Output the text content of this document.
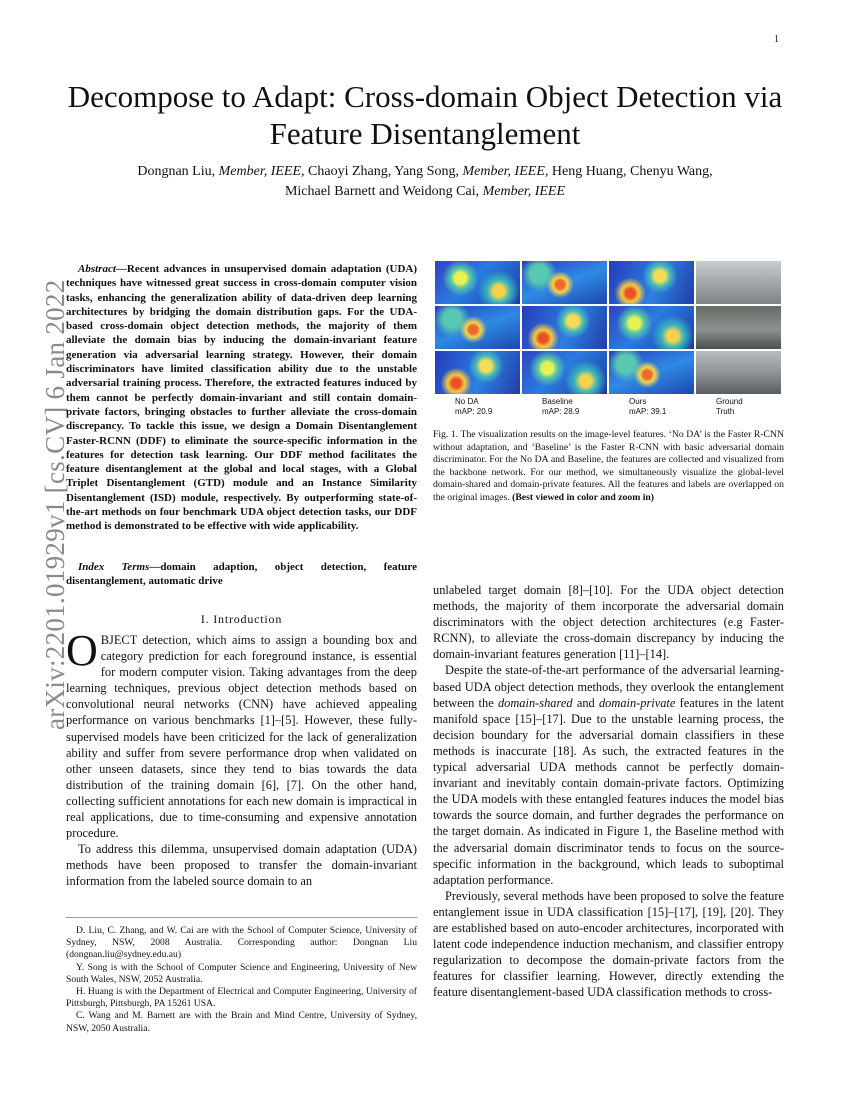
1
arXiv:2201.01929v1 [cs.CV] 6 Jan 2022
Decompose to Adapt: Cross-domain Object Detection via Feature Disentanglement
Dongnan Liu, Member, IEEE, Chaoyi Zhang, Yang Song, Member, IEEE, Heng Huang, Chenyu Wang,
Michael Barnett and Weidong Cai, Member, IEEE
Abstract—Recent advances in unsupervised domain adaptation (UDA) techniques have witnessed great success in cross-domain computer vision tasks, enhancing the generalization ability of data-driven deep learning architectures by bridging the domain distribution gaps. For the UDA-based cross-domain object detection methods, the majority of them alleviate the domain bias by inducing the domain-invariant feature generation via adversarial learning strategy. However, their domain discriminators have limited classification ability due to the unstable adversarial training process. Therefore, the extracted features induced by them cannot be perfectly domain-invariant and still contain domain-private factors, bringing obstacles to further alleviate the cross-domain discrepancy. To tackle this issue, we design a Domain Disentanglement Faster-RCNN (DDF) to eliminate the source-specific information in the features for detection task learning. Our DDF method facilitates the feature disentanglement at the global and local stages, with a Global Triplet Disentanglement (GTD) module and an Instance Similarity Disentanglement (ISD) module, respectively. By outperforming state-of-the-art methods on four benchmark UDA object detection tasks, our DDF method is demonstrated to be effective with wide applicability.
Index Terms—domain adaption, object detection, feature disentanglement, automatic drive
I. Introduction

OBJECT detection, which aims to assign a bounding box and category prediction for each foreground instance, is essential for modern computer vision. Taking advantages from the deep learning techniques, previous object detection methods based on convolutional neural networks (CNN) have achieved appealing performance on various benchmarks [1]–[5]. However, these fully-supervised models have been criticized for the lack of generalization ability and suffer from severe performance drop when validated on other unseen datasets, since they tend to bias towards the data distribution of the training domain [6], [7]. On the other hand, collecting sufficient annotations for each new domain is impractical in real applications, due to time-consuming and expensive annotation procedure.

To address this dilemma, unsupervised domain adaptation (UDA) methods have been proposed to transfer the domain-invariant information from the labeled source domain to an

D. Liu, C. Zhang, and W. Cai are with the School of Computer Science, University of Sydney, NSW, 2008 Australia. Corresponding author: Dongnan Liu (dongnan.liu@sydney.edu.au)

Y. Song is with the School of Computer Science and Engineering, University of New South Wales, NSW, 2052 Australia.

H. Huang is with the Department of Electrical and Computer Engineering, University of Pittsburgh, Pittsburgh, PA 15261 USA.

C. Wang and M. Barnett are with the Brain and Mind Centre, University of Sydney, NSW, 2050 Australia.

No DA
mAP: 20.9
Baseline
mAP: 28.9
Ours
mAP: 39.1
Ground
Truth
Fig. 1. The visualization results on the image-level features. ‘No DA’ is the Faster R-CNN without adaptation, and ‘Baseline’ is the Faster R-CNN with basic adversarial domain discriminator. For the No DA and Baseline, the features are collected and visualized from the backbone network. For our method, we simultaneously visualize the global-level domain-shared and domain-private features. All the features and labels are overlapped on the original images. (Best viewed in color and zoom in)

unlabeled target domain [8]–[10]. For the UDA object detection methods, the majority of them incorporate the adversarial domain discriminators with the object detection architectures (e.g Faster-RCNN), to alleviate the cross-domain discrepancy by inducing the domain-invariant features generation [11]–[14].

Despite the state-of-the-art performance of the adversarial learning-based UDA object detection methods, they overlook the entanglement between the domain-shared and domain-private features in the latent manifold space [15]–[17]. Due to the unstable learning process, the decision boundary for the adversarial domain classifiers in these methods is inaccurate [18]. As such, the extracted features in the typical adversarial UDA methods cannot be perfectly domain-invariant and inevitably contain domain-private factors. Optimizing the UDA models with these entangled features induces the model bias towards the source domain, and further degrades the performance on the target domain. As indicated in Figure 1, the Baseline method with the adversarial domain discriminator tends to focus on the source-specific information in the background, which leads to suboptimal adaptation performance.

Previously, several methods have been proposed to solve the feature entanglement issue in UDA classification [15]–[17], [19], [20]. They are established based on auto-encoder architectures, incorporated with latent code independence induction mechanism, and classifier entropy regularization to decompose the domain-private factors from the features for classifier learning. However, directly extending the feature disentanglement-based UDA classification methods to cross-
